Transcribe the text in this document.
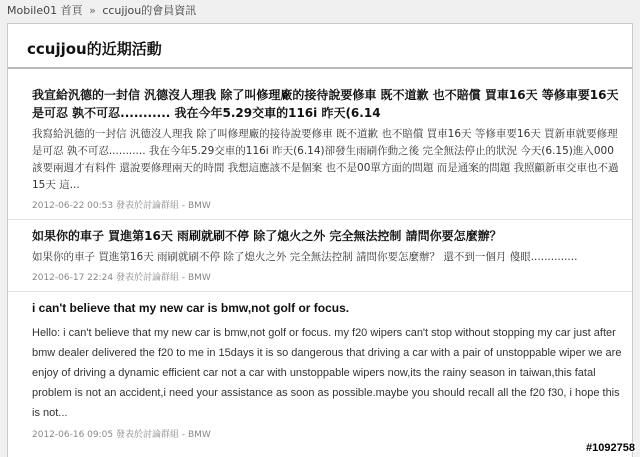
Mobile01 首頁 » ccujjou的會員資訊
ccujjou的近期活動
我宣給汎德的一封信 汎德沒人理我 除了叫修理廠的接待說要修車 既不道歉 也不賠償 買車16天 等修車要16天 是可忍 孰不可忍........... 我在今年5.29交車的116i 昨天(6.14
我寫給汎德的一封信 汎德沒人理我 除了叫修理廠的接待說要修車 既不道歉 也不賠償 買車16天 等修車要16天 買新車就要修理 是可忍 孰不可忍........... 我在今年5.29交車的116i 昨天(6.14)卻發生雨刷作動之後 完全無法停止的狀況 今天(6.15)進入000 該要兩週才有料件 還說要修理兩天的時間 我想這應該不是個案 也不是00單方面的問題 而是通案的問題 我照顧新車交車也不過15天 這...
2012-06-22 00:53 發表於討論群組 - BMW
如果你的車子 買進第16天 雨刷就刷不停 除了熄火之外 完全無法控制 請問你要怎麼辦？
如果你的車子 買進第16天 雨刷就刷不停 除了熄火之外 完全無法控制 請問你要怎麼辦？ 還不到一個月 傻眼..............
2012-06-17 22:24 發表於討論群組 - BMW
i can't believe that my new car is bmw,not golf or focus.
Hello: i can't believe that my new car is bmw,not golf or focus. my f20 wipers can't stop without stopping my car just after bmw dealer delivered the f20 to me in 15days it is so dangerous that driving a car with a pair of unstoppable wiper we are enjoy of driving a dynamic efficient car not a car with unstoppable wipers now,its the rainy season in taiwan,this fatal problem is not an accident,i need your assistance as soon as possible.maybe you should recall all the f20 f30, i hope this is not...
2012-06-16 09:05 發表於討論群組 - BMW
#1092758
